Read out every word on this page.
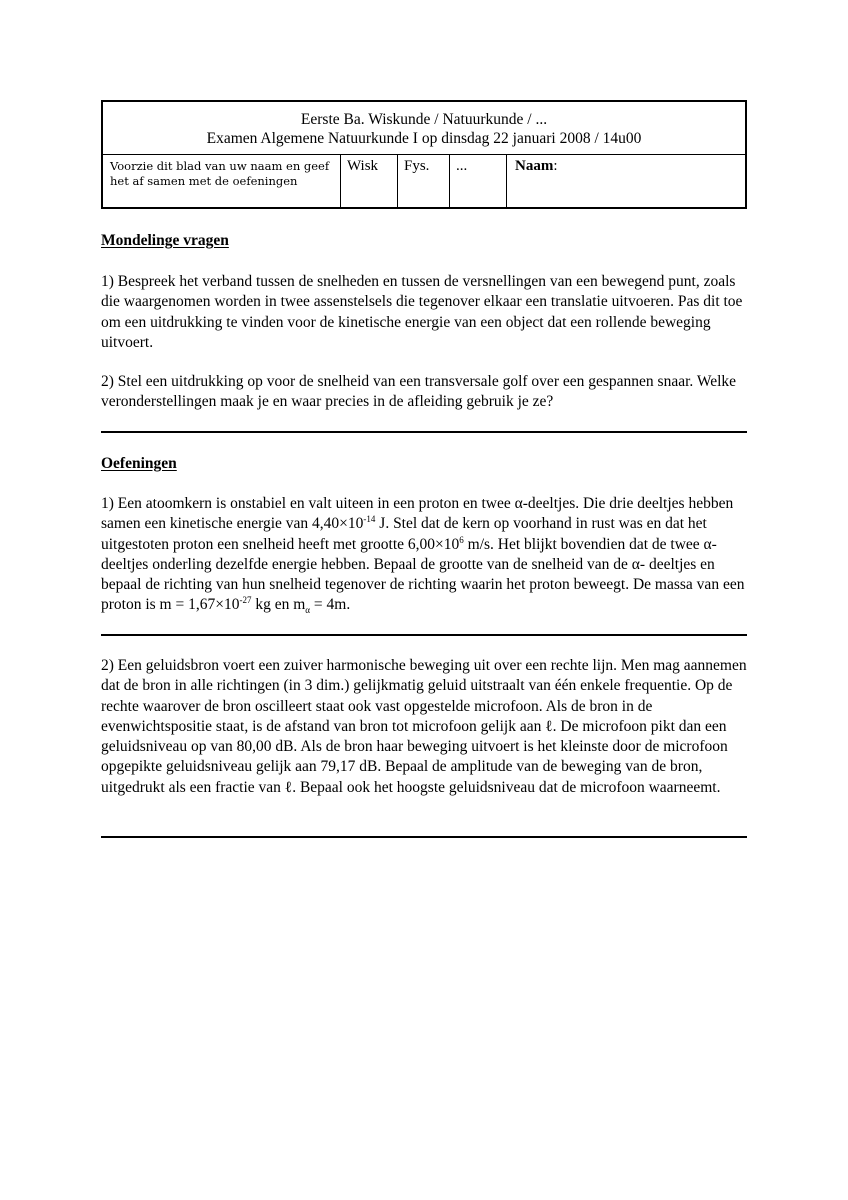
Eerste Ba. Wiskunde / Natuurkunde / ...
Examen Algemene Natuurkunde I op dinsdag 22 januari 2008 / 14u00
Voorzie dit blad van uw naam en geef het af samen met de oefeningen
Wisk	Fys.	...	Naam:
Mondelinge vragen
1) Bespreek het verband tussen de snelheden en tussen de versnellingen van een bewegend punt, zoals die waargenomen worden in twee assenstelsels die tegenover elkaar een translatie uitvoeren. Pas dit toe om een uitdrukking te vinden voor de kinetische energie van een object dat een rollende beweging uitvoert.
2) Stel een uitdrukking op voor de snelheid van een transversale golf over een gespannen snaar. Welke veronderstellingen maak je en waar precies in de afleiding gebruik je ze?
Oefeningen
1) Een atoomkern is onstabiel en valt uiteen in een proton en twee α-deeltjes. Die drie deeltjes hebben samen een kinetische energie van $4,40\times 10^{-14}$ J. Stel dat de kern op voorhand in rust was en dat het uitgestoten proton een snelheid heeft met grootte $6,00\times 10^6$ m/s. Het blijkt bovendien dat de twee α-deeltjes onderling dezelfde energie hebben. Bepaal de grootte van de snelheid van de α- deeltjes en bepaal de richting van hun snelheid tegenover de richting waarin het proton beweegt. De massa van een proton is $m = 1,67\times 10^{-27}$ kg en $m_\alpha = 4m$.
2) Een geluidsbron voert een zuiver harmonische beweging uit over een rechte lijn. Men mag aannemen dat de bron in alle richtingen (in 3 dim.) gelijkmatig geluid uitstraalt van één enkele frequentie. Op de rechte waarover de bron oscilleert staat ook vast opgestelde microfoon. Als de bron in de evenwichtspositie staat, is de afstand van bron tot microfoon gelijk aan ℓ. De microfoon pikt dan een geluidsniveau op van 80,00 dB. Als de bron haar beweging uitvoert is het kleinste door de microfoon opgepikte geluidsniveau gelijk aan 79,17 dB. Bepaal de amplitude van de beweging van de bron, uitgedrukt als een fractie van ℓ. Bepaal ook het hoogste geluidsniveau dat de microfoon waarneemt.
